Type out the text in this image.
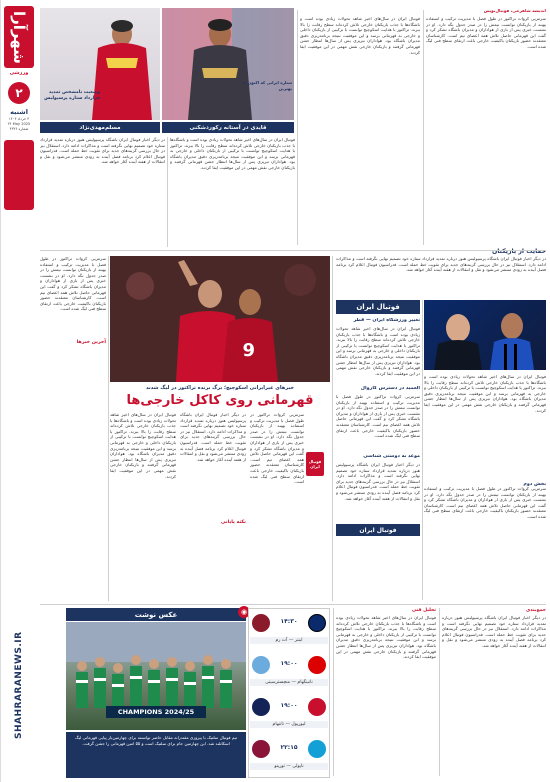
شهرآرا
ورزشی
۲
اشنبه
۳ خرداد ۱۴۰۴
۲۴ May 2025
شماره ۴۳۳۶
SHAHRARANEWS.IR
مسلم‌مهدی‌نژاد
وضعیت نامشخص تمدید قرارداد ستاره پرسپولیس
قایدی در آستانه رکوردشکنی
ستاره ایرانی که اکنون به بهترین
اندیشه شاهرخی، فوتبال‌نویس
فوتبال ایران در سال‌های اخیر شاهد تحولات زیادی بوده است و باشگاه‌ها با جذب بازیکنان خارجی تلاش کرده‌اند سطح رقابت را بالا ببرند. تراکتور با هدایت اسکوچیچ توانست با ترکیبی از بازیکنان داخلی و خارجی به قهرمانی برسد و این موفقیت نتیجه برنامه‌ریزی دقیق مدیران باشگاه بود. هواداران تبریزی پس از سال‌ها انتظار جشن قهرمانی گرفتند و بازیکنان خارجی نقش مهمی در این موفقیت ایفا کردند.
سرمربی کروات تراکتور در طول فصل با مدیریت ترکیب و استفاده بهینه از بازیکنان توانست تیمش را در صدر جدول نگه دارد. او در نشست خبری پس از بازی از هواداران و مدیران باشگاه تشکر کرد و گفت این قهرمانی حاصل تلاش همه اعضای تیم است. کارشناسان معتقدند حضور بازیکنان باکیفیت خارجی باعث ارتقای سطح فنی لیگ شده است.
حمایت از بازیکنان
در دیگر اخبار فوتبال ایران باشگاه پرسپولیس هنوز درباره تمدید قرارداد ستاره خود تصمیم نهایی نگرفته است و مذاکرات ادامه دارد. استقلال نیز در حال بررسی گزینه‌های جدید برای تقویت خط حمله است. فدراسیون فوتبال اعلام کرد برنامه فصل آینده به زودی منتشر می‌شود و نقل و انتقالات از هفته آینده آغاز خواهد شد.
فوتبال ایران در سال‌های اخیر شاهد تحولات زیادی بوده است و باشگاه‌ها با جذب بازیکنان خارجی تلاش کرده‌اند سطح رقابت را بالا ببرند. تراکتور با هدایت اسکوچیچ توانست با ترکیبی از بازیکنان داخلی و خارجی به قهرمانی برسد و این موفقیت نتیجه برنامه‌ریزی دقیق مدیران باشگاه بود. هواداران تبریزی پس از سال‌ها انتظار جشن قهرمانی گرفتند و بازیکنان خارجی نقش مهمی در این موفقیت ایفا کردند.
سرمربی کروات تراکتور در طول فصل با مدیریت ترکیب و استفاده بهینه از بازیکنان توانست تیمش را در صدر جدول نگه دارد. او در نشست خبری پس از بازی از هواداران و مدیران باشگاه تشکر کرد و گفت این قهرمانی حاصل تلاش همه اعضای تیم است. کارشناسان معتقدند حضور بازیکنان باکیفیت خارجی باعث ارتقای سطح فنی لیگ شده است.
آخرین خبرها	9
خبرهای غیرایرانی اسکوچیچ؛ برگ برنده تراکتور در لیگ شدند
قهرمانی روی کاکل خارجی‌ها
فوتبال ایران
فوتبال ایران در سال‌های اخیر شاهد تحولات زیادی بوده است و باشگاه‌ها با جذب بازیکنان خارجی تلاش کرده‌اند سطح رقابت را بالا ببرند. تراکتور با هدایت اسکوچیچ توانست با ترکیبی از بازیکنان داخلی و خارجی به قهرمانی برسد و این موفقیت نتیجه برنامه‌ریزی دقیق مدیران باشگاه بود. هواداران تبریزی پس از سال‌ها انتظار جشن قهرمانی گرفتند و بازیکنان خارجی نقش مهمی در این موفقیت ایفا کردند.
در دیگر اخبار فوتبال ایران باشگاه پرسپولیس هنوز درباره تمدید قرارداد ستاره خود تصمیم نهایی نگرفته است و مذاکرات ادامه دارد. استقلال نیز در حال بررسی گزینه‌های جدید برای تقویت خط حمله است. فدراسیون فوتبال اعلام کرد برنامه فصل آینده به زودی منتشر می‌شود و نقل و انتقالات از هفته آینده آغاز خواهد شد.
سرمربی کروات تراکتور در طول فصل با مدیریت ترکیب و استفاده بهینه از بازیکنان توانست تیمش را در صدر جدول نگه دارد. او در نشست خبری پس از بازی از هواداران و مدیران باشگاه تشکر کرد و گفت این قهرمانی حاصل تلاش همه اعضای تیم است. کارشناسان معتقدند حضور بازیکنان باکیفیت خارجی باعث ارتقای سطح فنی لیگ شده است.
نکته پایانی
در دیگر اخبار فوتبال ایران باشگاه پرسپولیس هنوز درباره تمدید قرارداد ستاره خود تصمیم نهایی نگرفته است و مذاکرات ادامه دارد. استقلال نیز در حال بررسی گزینه‌های جدید برای تقویت خط حمله است. فدراسیون فوتبال اعلام کرد برنامه فصل آینده به زودی منتشر می‌شود و نقل و انتقالات از هفته آینده آغاز خواهد شد.
فوتبال ایران
تغییر ورزشگاه ایران — قطر
فوتبال ایران در سال‌های اخیر شاهد تحولات زیادی بوده است و باشگاه‌ها با جذب بازیکنان خارجی تلاش کرده‌اند سطح رقابت را بالا ببرند. تراکتور با هدایت اسکوچیچ توانست با ترکیبی از بازیکنان داخلی و خارجی به قهرمانی برسد و این موفقیت نتیجه برنامه‌ریزی دقیق مدیران باشگاه بود. هواداران تبریزی پس از سال‌ها انتظار جشن قهرمانی گرفتند و بازیکنان خارجی نقش مهمی در این موفقیت ایفا کردند.
العمید در دسترس کاروال
سرمربی کروات تراکتور در طول فصل با مدیریت ترکیب و استفاده بهینه از بازیکنان توانست تیمش را در صدر جدول نگه دارد. او در نشست خبری پس از بازی از هواداران و مدیران باشگاه تشکر کرد و گفت این قهرمانی حاصل تلاش همه اعضای تیم است. کارشناسان معتقدند حضور بازیکنان باکیفیت خارجی باعث ارتقای سطح فنی لیگ شده است.
موعد به دوستی شناسی
در دیگر اخبار فوتبال ایران باشگاه پرسپولیس هنوز درباره تمدید قرارداد ستاره خود تصمیم نهایی نگرفته است و مذاکرات ادامه دارد. استقلال نیز در حال بررسی گزینه‌های جدید برای تقویت خط حمله است. فدراسیون فوتبال اعلام کرد برنامه فصل آینده به زودی منتشر می‌شود و نقل و انتقالات از هفته آینده آغاز خواهد شد.
فوتبال ایران
فوتبال ایران در سال‌های اخیر شاهد تحولات زیادی بوده است و باشگاه‌ها با جذب بازیکنان خارجی تلاش کرده‌اند سطح رقابت را بالا ببرند. تراکتور با هدایت اسکوچیچ توانست با ترکیبی از بازیکنان داخلی و خارجی به قهرمانی برسد و این موفقیت نتیجه برنامه‌ریزی دقیق مدیران باشگاه بود. هواداران تبریزی پس از سال‌ها انتظار جشن قهرمانی گرفتند و بازیکنان خارجی نقش مهمی در این موفقیت ایفا کردند.
سرمربی کروات تراکتور در طول فصل با مدیریت ترکیب و استفاده بهینه از بازیکنان توانست تیمش را در صدر جدول نگه دارد. او در نشست خبری پس از بازی از هواداران و مدیران باشگاه تشکر کرد و گفت این قهرمانی حاصل تلاش همه اعضای تیم است. کارشناسان معتقدند حضور بازیکنان باکیفیت خارجی باعث ارتقای سطح فنی لیگ شده است.
بخش دوم
عکس نوشت	◉
CHAMPIONS 2024/25
تیم فوتبال سلتیک با پیروزی مقتدرانه مقابل حاضر توانسته برای چهارمین‌بار پیاپی قهرمانی لیگ اسکاتلند شد. این چهارمین جام برای سلتیک است و ۵۵ امین قهرمانی را جشن گرفت.
۱۴:۳۰
اینتر — آث رم
۱۹:۰۰
ناتینگهام — منچسترسیتی
۱۹:۰۰
لیورپول — تاتنهام
۲۲:۱۵
ناپولی — تورینو
تحلیل فنی
فوتبال ایران در سال‌های اخیر شاهد تحولات زیادی بوده است و باشگاه‌ها با جذب بازیکنان خارجی تلاش کرده‌اند سطح رقابت را بالا ببرند. تراکتور با هدایت اسکوچیچ توانست با ترکیبی از بازیکنان داخلی و خارجی به قهرمانی برسد و این موفقیت نتیجه برنامه‌ریزی دقیق مدیران باشگاه بود. هواداران تبریزی پس از سال‌ها انتظار جشن قهرمانی گرفتند و بازیکنان خارجی نقش مهمی در این موفقیت ایفا کردند.
جمع‌بندی
در دیگر اخبار فوتبال ایران باشگاه پرسپولیس هنوز درباره تمدید قرارداد ستاره خود تصمیم نهایی نگرفته است و مذاکرات ادامه دارد. استقلال نیز در حال بررسی گزینه‌های جدید برای تقویت خط حمله است. فدراسیون فوتبال اعلام کرد برنامه فصل آینده به زودی منتشر می‌شود و نقل و انتقالات از هفته آینده آغاز خواهد شد.
